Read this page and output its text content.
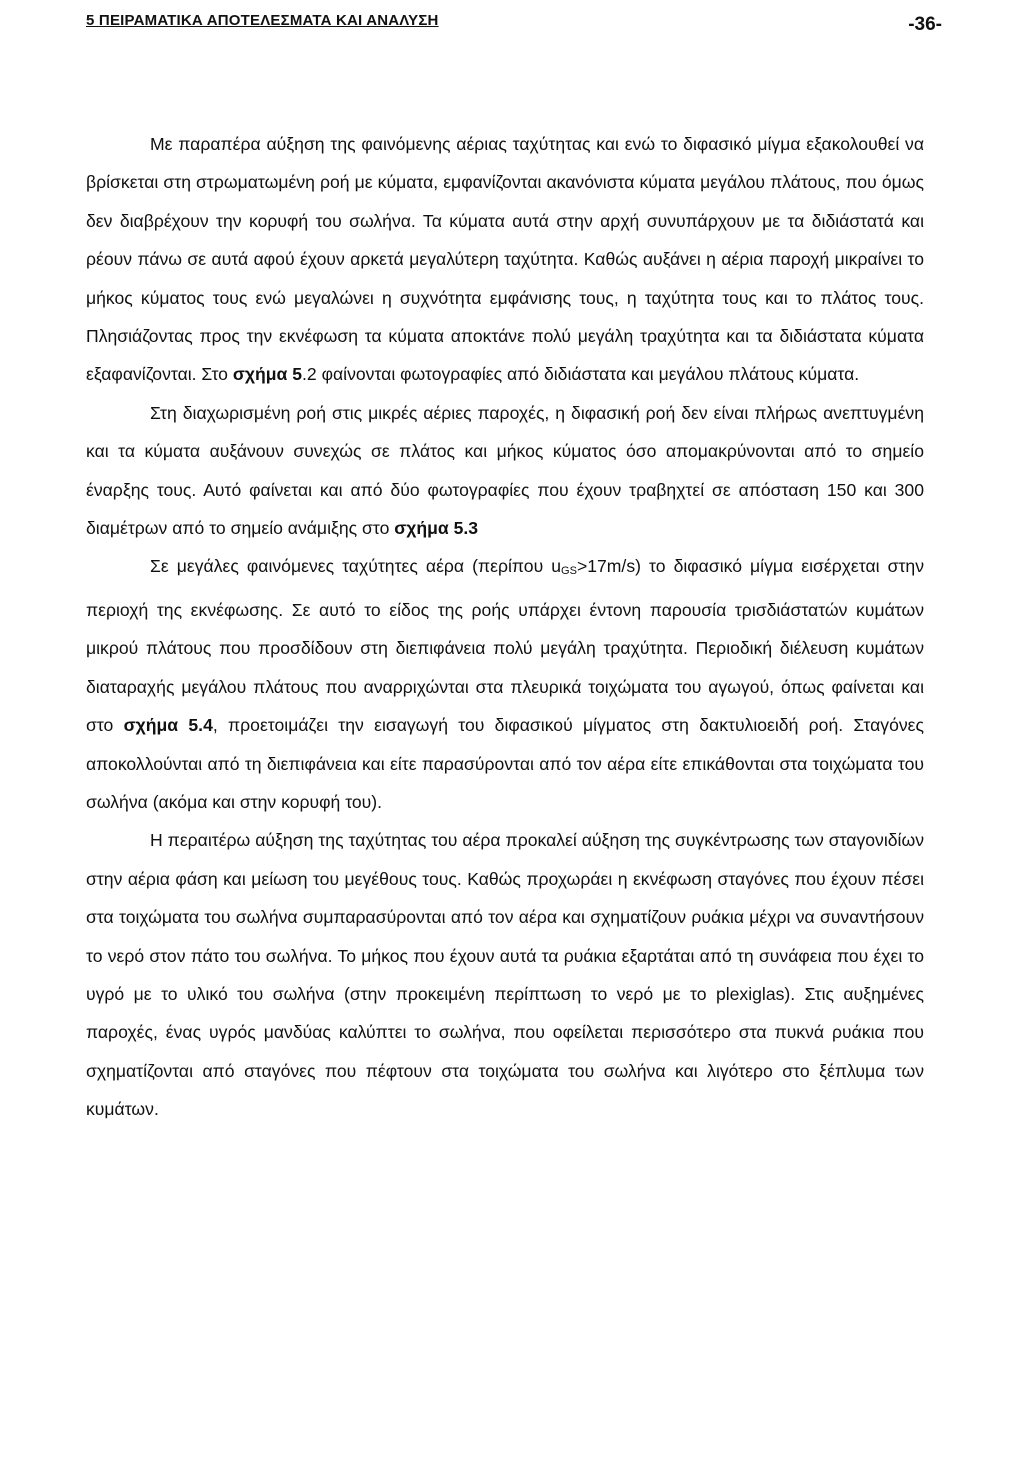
5 ΠΕΙΡΑΜΑΤΙΚΑ ΑΠΟΤΕΛΕΣΜΑΤΑ ΚΑΙ ΑΝΑΛΥΣΗ	-36-

Με παραπέρα αύξηση της φαινόμενης αέριας ταχύτητας και ενώ το διφασικό μίγμα εξακολουθεί να βρίσκεται στη στρωματωμένη ροή με κύματα, εμφανίζονται ακανόνιστα κύματα μεγάλου πλάτους, που όμως δεν διαβρέχουν την κορυφή του σωλήνα. Τα κύματα αυτά στην αρχή συνυπάρχουν με τα διδιάστατά και ρέουν πάνω σε αυτά αφού έχουν αρκετά μεγαλύτερη ταχύτητα. Καθώς αυξάνει η αέρια παροχή μικραίνει το μήκος κύματος τους ενώ μεγαλώνει η συχνότητα εμφάνισης τους, η ταχύτητα τους και το πλάτος τους. Πλησιάζοντας προς την εκνέφωση τα κύματα αποκτάνε πολύ μεγάλη τραχύτητα και τα διδιάστατα κύματα εξαφανίζονται. Στο σχήμα 5.2 φαίνονται φωτογραφίες από διδιάστατα και μεγάλου πλάτους κύματα.

Στη διαχωρισμένη ροή στις μικρές αέριες παροχές, η διφασική ροή δεν είναι πλήρως ανεπτυγμένη και τα κύματα αυξάνουν συνεχώς σε πλάτος και μήκος κύματος όσο απομακρύνονται από το σημείο έναρξης τους. Αυτό φαίνεται και από δύο φωτογραφίες που έχουν τραβηχτεί σε απόσταση 150 και 300 διαμέτρων από το σημείο ανάμιξης στο σχήμα 5.3

Σε μεγάλες φαινόμενες ταχύτητες αέρα (περίπου uGS>17m/s) το διφασικό μίγμα εισέρχεται στην περιοχή της εκνέφωσης. Σε αυτό το είδος της ροής υπάρχει έντονη παρουσία τρισδιάστατών κυμάτων μικρού πλάτους που προσδίδουν στη διεπιφάνεια πολύ μεγάλη τραχύτητα. Περιοδική διέλευση κυμάτων διαταραχής μεγάλου πλάτους που αναρριχώνται στα πλευρικά τοιχώματα του αγωγού, όπως φαίνεται και στο σχήμα 5.4, προετοιμάζει την εισαγωγή του διφασικού μίγματος στη δακτυλιοειδή ροή. Σταγόνες αποκολλούνται από τη διεπιφάνεια και είτε παρασύρονται από τον αέρα είτε επικάθονται στα τοιχώματα του σωλήνα (ακόμα και στην κορυφή του).

Η περαιτέρω αύξηση της ταχύτητας του αέρα προκαλεί αύξηση της συγκέντρωσης των σταγονιδίων στην αέρια φάση και μείωση του μεγέθους τους. Καθώς προχωράει η εκνέφωση σταγόνες που έχουν πέσει στα τοιχώματα του σωλήνα συμπαρασύρονται από τον αέρα και σχηματίζουν ρυάκια μέχρι να συναντήσουν το νερό στον πάτο του σωλήνα. Το μήκος που έχουν αυτά τα ρυάκια εξαρτάται από τη συνάφεια που έχει το υγρό με το υλικό του σωλήνα (στην προκειμένη περίπτωση το νερό με το plexiglas). Στις αυξημένες παροχές, ένας υγρός μανδύας καλύπτει το σωλήνα, που οφείλεται περισσότερο στα πυκνά ρυάκια που σχηματίζονται από σταγόνες που πέφτουν στα τοιχώματα του σωλήνα και λιγότερο στο ξέπλυμα των κυμάτων.
